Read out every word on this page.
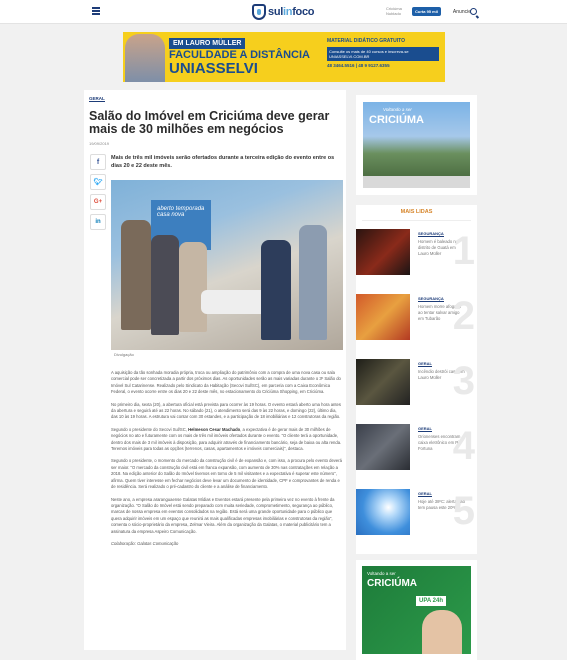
sulinfoco	Criciúma Nublado	Curta 95 mil	Anuncie
EM LAURO MÜLLER
FACULDADE A DISTÂNCIA
UNIASSELVI
MATERIAL DIDÁTICO GRATUITO
Consulte os mais de 40 cursos e inscreva-se UNIASSELVI.COM.BR
48 3464.5516 | 48 9 9127.6355
GERAL
Salão do Imóvel em Criciúma deve gerar mais de 30 milhões em negócios
19/09/2019
f
🐦︎
G+
in
Mais de três mil imóveis serão ofertados durante a terceira edição do evento entre os dias 20 e 22 deste mês.
aberto temporada casa nova
Divulgação

A aquisição da tão sonhada moradia própria, troca ou ampliação do patrimônio com a compra de uma nova casa ou sala comercial pode ser concretizada a partir dos próximos dias. As oportunidades serão as mais variadas durante o 3º Salão do Imóvel Sul Catarinense. Realizado pelo Sindicato da Habitação (Secovi Sul/SC), em parceria com a Caixa Econômica Federal, o evento ocorre entre os dias 20 e 22 deste mês, no estacionamento do Criciúma Shopping, em Criciúma.

No primeiro dia, sexta (20), a abertura oficial está prevista para ocorrer às 19 horas. O evento estará aberto uma hora antes da abertura e seguirá até as 22 horas. No sábado (21), o atendimento será das 9 às 22 horas, e domingo (22), último dia, das 10 às 19 horas. A estrutura vai contar com 30 estandes, e a participação de 18 imobiliárias e 12 construtoras da região.

Segundo o presidente do Secovi Sul/SC, Helmeson Cesar Machado, a expectativa é de gerar mais de 30 milhões de negócios no ato e futuramente com os mais de três mil imóveis ofertados durante o evento. “O cliente terá a oportunidade, dentro dos mais de 3 mil imóveis à disposição, para adquirir através de financiamento bancário, seja de baixa ou alta renda. Teremos imóveis para todas as opções (terrenos, casas, apartamentos e imóveis comerciais)”, destaca.

Segundo o presidente, o momento do mercado da construção civil é de expansão e, com isso, a procura pelo evento deverá ser maior. “O mercado da construção civil está em franca expansão, com aumento de 30% nas contratações em relação a 2018. Na edição anterior do Salão do Imóvel tivemos em torno de 5 mil visitantes e a expectativa é superar este número”, afirma. Quem tiver interesse em fechar negócios deve levar um documento de identidade, CPF e comprovantes de renda e de residência. Será realizado o pré-cadastro do cliente e a análise de financiamento.

Neste ano, a empresa araranguaense Galatas Mídias e Eventos estará presente pela primeira vez no evento à frente da organização. “O Salão do Imóvel está sendo preparado com muita seriedade, comprometimento, segurança ao público, marcas de nossa empresa em eventos consolidados na região. Está será uma grande oportunidade para o público que quera adquirir imóveis em um espaço que reunirá as mais qualificadas empresas imobiliárias e construtoras da região”, comenta o sócio-proprietário da empresa, Zelmar Vieira. Além da organização da Galatas, o material publicitário tem a assinatura da empresa Aspeiro Comunicação.

Colaboração: Galatas Comunicação

Voltando a ser
CRICIÚMA
MAIS LIDAS
SEGURANÇA
Homem é baleado no distrito de Guatá em Lauro Müller 1
SEGURANÇA
Homem morre afogado ao tentar salvar amigo em Tubarão 2
GERAL
Incêndio destrói casa em Lauro Müller 3
GERAL
Orionenses encontram caixa eletrônico em Rio Fortuna 4
GERAL
Hoje até 38ºC: alerta não tem pausa este 20ºC
5
Voltando a ser
CRICIÚMA
UPA 24h
